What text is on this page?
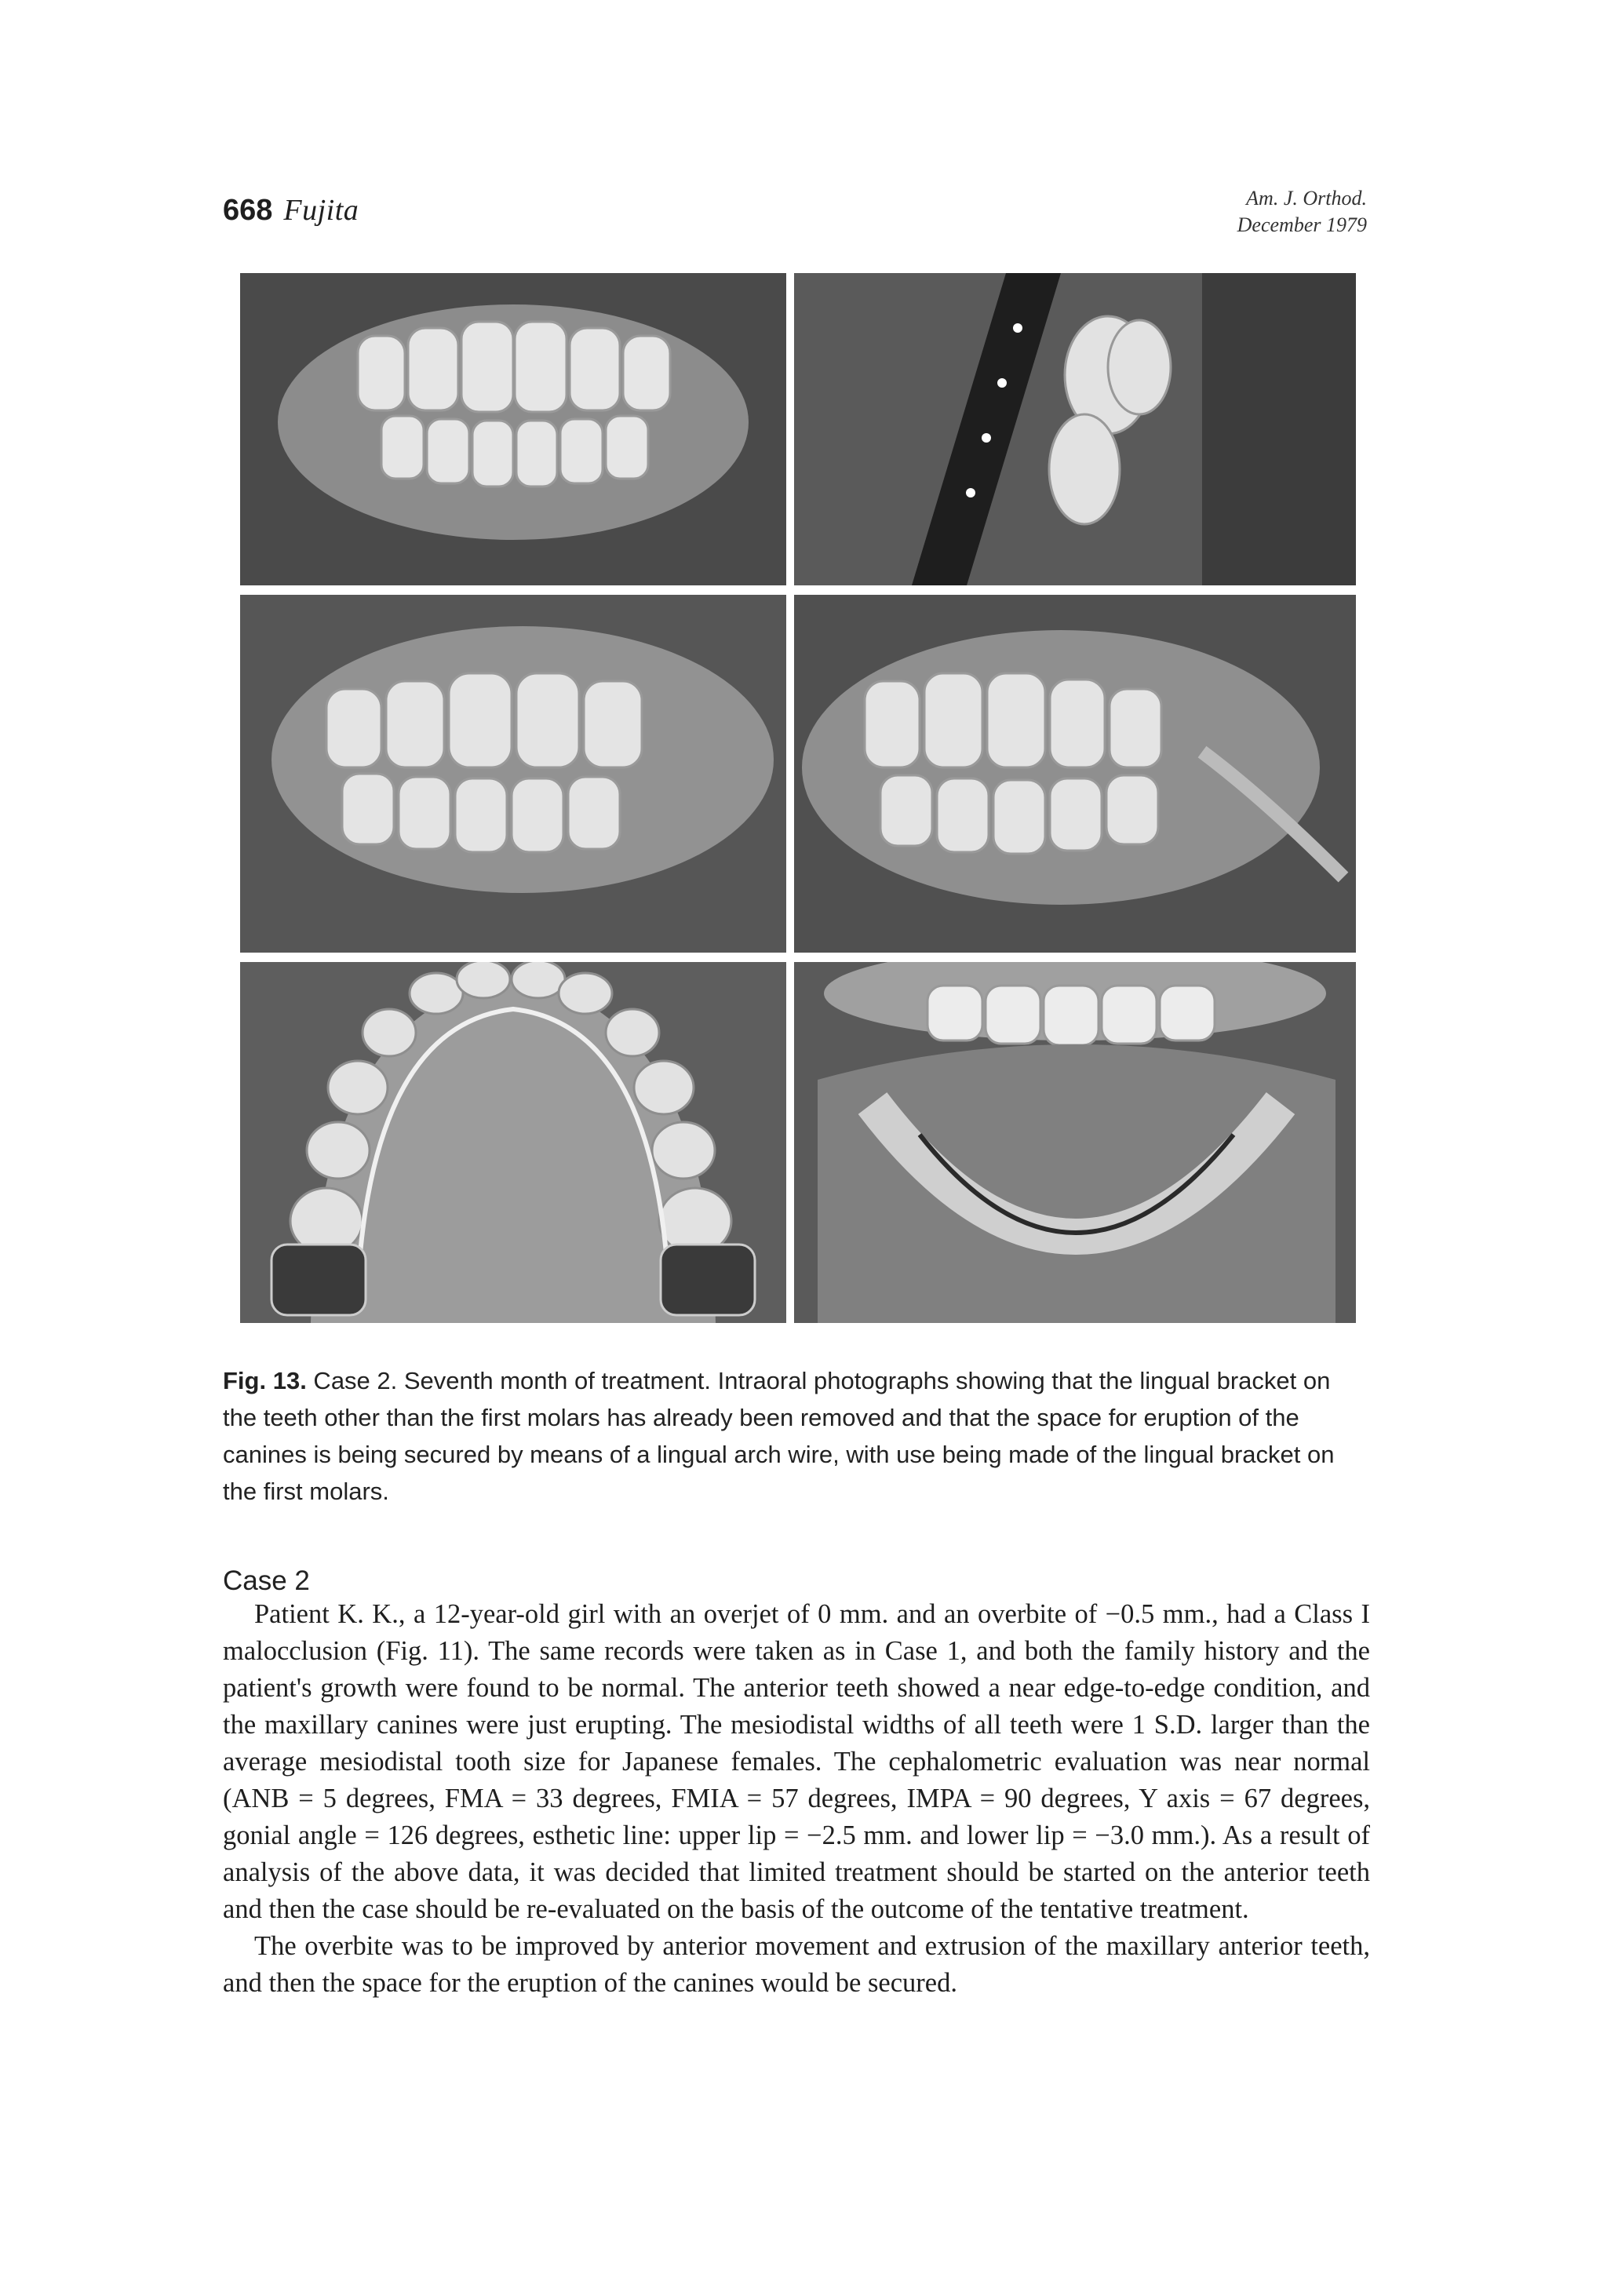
668 Fujita	Am. J. Orthod.
December 1979
Fig. 13. Case 2. Seventh month of treatment. Intraoral photographs showing that the lingual bracket on the teeth other than the first molars has already been removed and that the space for eruption of the canines is being secured by means of a lingual arch wire, with use being made of the lingual bracket on the first molars.
Case 2

Patient K. K., a 12-year-old girl with an overjet of 0 mm. and an overbite of −0.5 mm., had a Class I malocclusion (Fig. 11). The same records were taken as in Case 1, and both the family history and the patient's growth were found to be normal. The anterior teeth showed a near edge-to-edge condition, and the maxillary canines were just erupting. The mesiodistal widths of all teeth were 1 S.D. larger than the average mesiodistal tooth size for Japanese females. The cephalometric evaluation was near normal (ANB = 5 degrees, FMA = 33 degrees, FMIA = 57 degrees, IMPA = 90 degrees, Y axis = 67 degrees, gonial angle = 126 degrees, esthetic line: upper lip = −2.5 mm. and lower lip = −3.0 mm.). As a result of analysis of the above data, it was decided that limited treatment should be started on the anterior teeth and then the case should be re-evaluated on the basis of the outcome of the tentative treatment.

The overbite was to be improved by anterior movement and extrusion of the maxillary anterior teeth, and then the space for the eruption of the canines would be secured.
